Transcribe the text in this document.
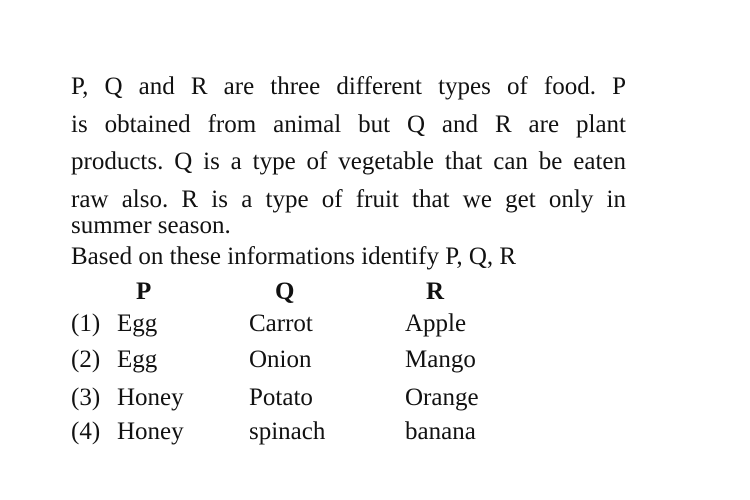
P, Q and R are three different types of food. P
is obtained from animal but Q and R are plant
products. Q is a type of vegetable that can be eaten
raw also. R is a type of fruit that we get only in
summer season.
Based on these informations identify P, Q, R
P	Q	R
(1) Egg	Carrot	Apple
(2) Egg	Onion	Mango
(3) Honey	Potato	Orange
(4) Honey	spinach	banana
